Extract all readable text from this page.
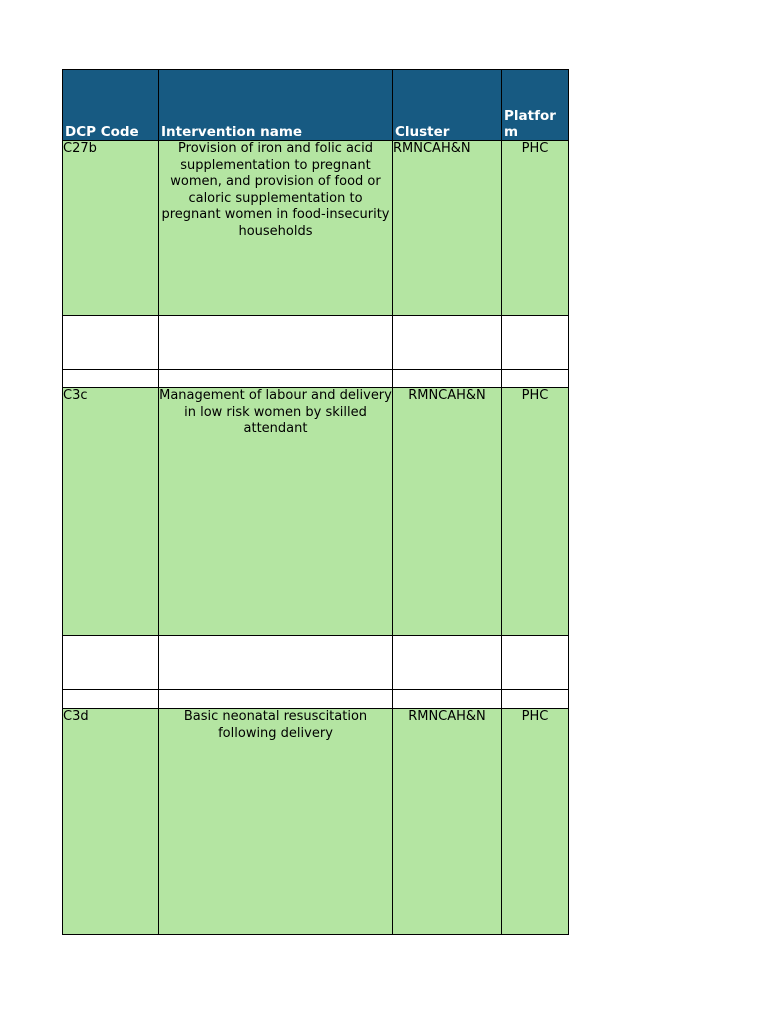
DCP Code	Intervention name	Cluster	Platform
C27b	Provision of iron and folic acid supplementation to pregnant women, and provision of food or caloric supplementation to pregnant women in food-insecurity households	RMNCAH&N	PHC

C3c	Management of labour and delivery in low risk women by skilled attendant	RMNCAH&N	PHC

C3d	Basic neonatal resuscitation following delivery	RMNCAH&N	PHC
